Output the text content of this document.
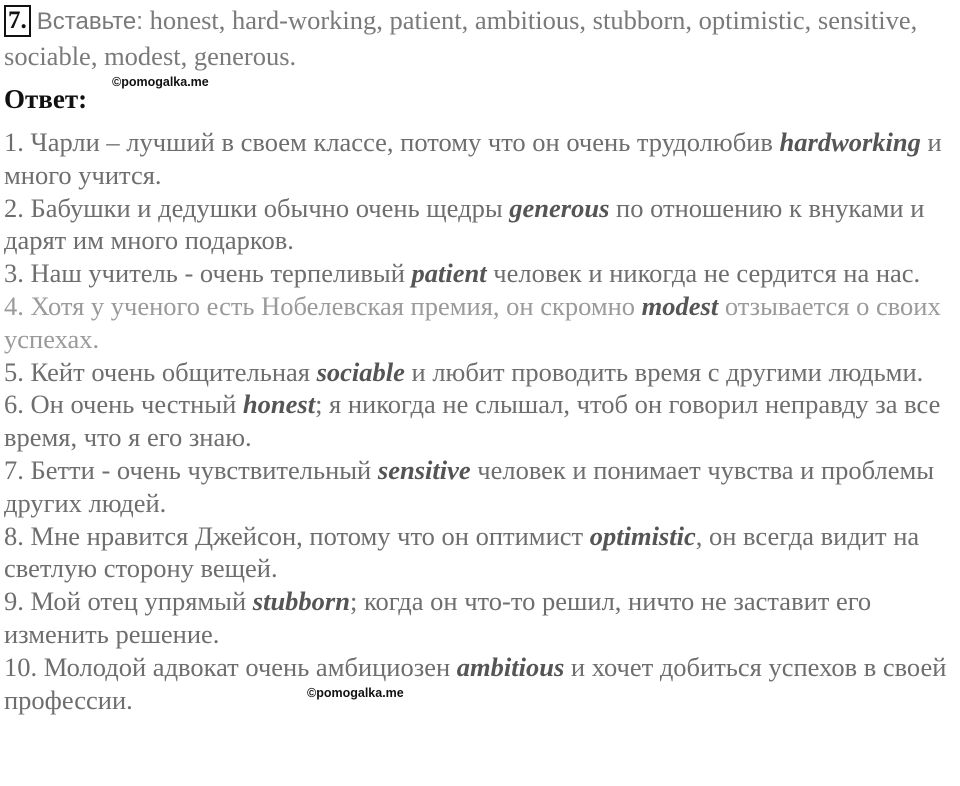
7. Вставьте: honest, hard-working, patient, ambitious, stubborn, optimistic, sensitive, sociable, modest, generous.
Ответ:
©pomogalka.me

1. Чарли – лучший в своем классе, потому что он очень трудолюбив hardworking и много учится.

2. Бабушки и дедушки обычно очень щедры generous по отношению к внуками и дарят им много подарков.

3. Наш учитель - очень терпеливый patient человек и никогда не сердится на нас.

4. Хотя у ученого есть Нобелевская премия, он скромно modest отзывается о своих успехах.

5. Кейт очень общительная sociable и любит проводить время с другими людьми.

6. Он очень честный honest; я никогда не слышал, чтоб он говорил неправду за все время, что я его знаю.

7. Бетти - очень чувствительный sensitive человек и понимает чувства и проблемы других людей.

8. Мне нравится Джейсон, потому что он оптимист optimistic, он всегда видит на светлую сторону вещей.

9. Мой отец упрямый stubborn; когда он что-то решил, ничто не заставит его изменить решение.

10. Молодой адвокат очень амбициозен ambitious и хочет добиться успехов в своей профессии.	©pomogalka.me
